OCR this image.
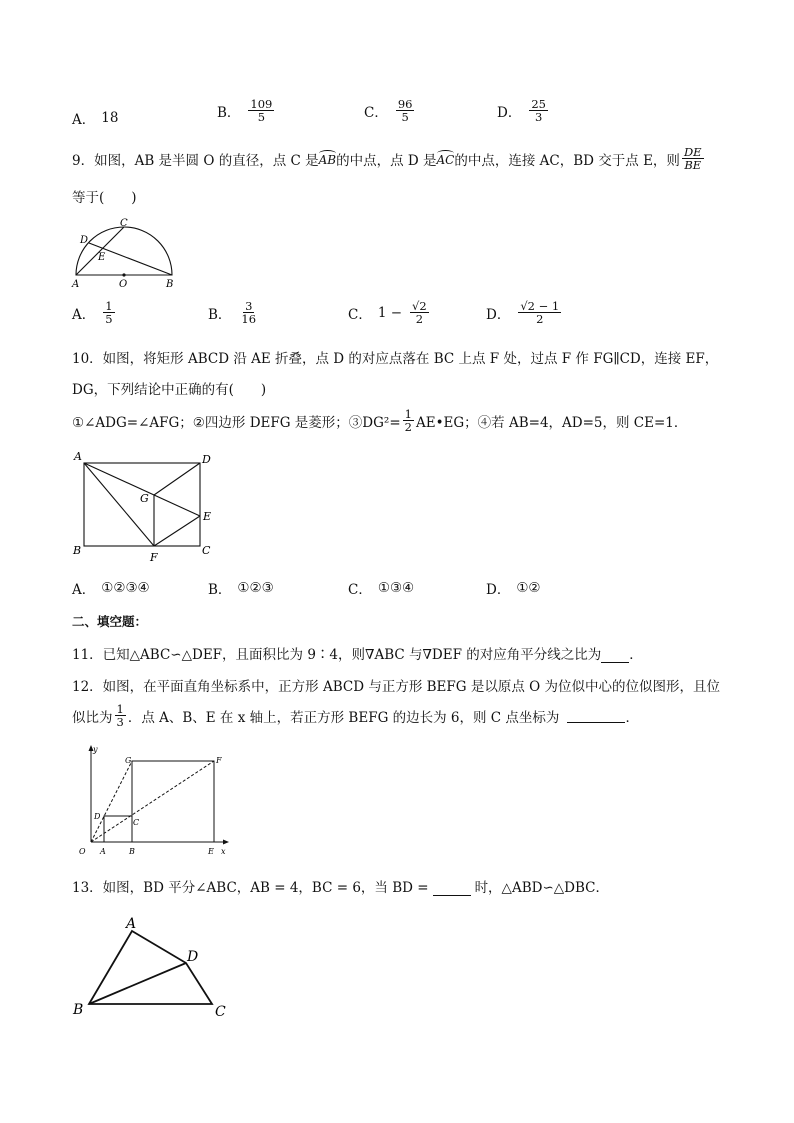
A． 18	B． $\frac{109}{5}$	C． $\frac{96}{5}$	D． $\frac{25}{3}$
9．如图，AB 是半圆 O 的直径，点 C 是 AB 的中点，点 D 是 AC 的中点，连接 AC，BD 交于点 E，则 $\frac{DE}{BE}$
等于(　　)
C
D
E
A	O	B
A． $\frac{1}{5}$	B． $\frac{3}{16}$	C． $1 - \frac{√2}{2}$	D． $\frac{√2 - 1}{2}$
10．如图，将矩形 ABCD 沿 AE 折叠，点 D 的对应点落在 BC 上点 F 处，过点 F 作 FG∥CD，连接 EF，
DG，下列结论中正确的有(　　)
①∠ADG=∠AFG；②四边形 DEFG 是菱形；③DG²= $\frac{1}{2}$ AE•EG；④若 AB=4，AD=5，则 CE=1．
A	D
G
E
B
F
C
A． ①②③④	B． ①②③	C． ①③④	D． ①②
二、填空题：
11．已知△ABC∽△DEF，且面积比为 9∶4，则∇ABC 与∇DEF 的对应角平分线之比为 ．
12．如图，在平面直角坐标系中，正方形 ABCD 与正方形 BEFG 是以原点 O 为位似中心的位似图形，且位
似比为 $\frac{1}{3}$ ．点 A、B、E 在 x 轴上，若正方形 BEFG 的边长为 6，则 C 点坐标为	．
y
G	F
D
C
O A	B	E x
13．如图，BD 平分∠ABC，AB = 4，BC = 6，当 BD =	时，△ABD∽△DBC．
A
D
B	C
